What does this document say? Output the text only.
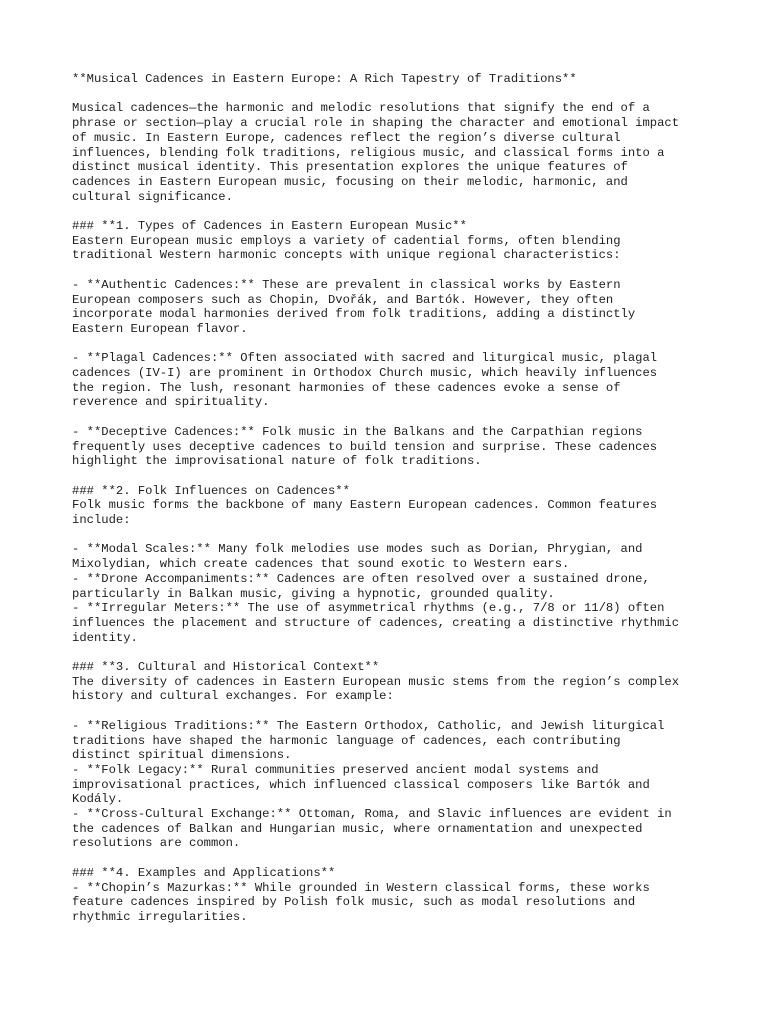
**Musical Cadences in Eastern Europe: A Rich Tapestry of Traditions**
Musical cadences—the harmonic and melodic resolutions that signify the end of a
phrase or section—play a crucial role in shaping the character and emotional impact
of music. In Eastern Europe, cadences reflect the region’s diverse cultural
influences, blending folk traditions, religious music, and classical forms into a
distinct musical identity. This presentation explores the unique features of
cadences in Eastern European music, focusing on their melodic, harmonic, and
cultural significance.
### **1. Types of Cadences in Eastern European Music**
Eastern European music employs a variety of cadential forms, often blending
traditional Western harmonic concepts with unique regional characteristics:
- **Authentic Cadences:** These are prevalent in classical works by Eastern
European composers such as Chopin, Dvořák, and Bartók. However, they often
incorporate modal harmonies derived from folk traditions, adding a distinctly
Eastern European flavor.
- **Plagal Cadences:** Often associated with sacred and liturgical music, plagal
cadences (IV-I) are prominent in Orthodox Church music, which heavily influences
the region. The lush, resonant harmonies of these cadences evoke a sense of
reverence and spirituality.
- **Deceptive Cadences:** Folk music in the Balkans and the Carpathian regions
frequently uses deceptive cadences to build tension and surprise. These cadences
highlight the improvisational nature of folk traditions.
### **2. Folk Influences on Cadences**
Folk music forms the backbone of many Eastern European cadences. Common features
include:
- **Modal Scales:** Many folk melodies use modes such as Dorian, Phrygian, and
Mixolydian, which create cadences that sound exotic to Western ears.
- **Drone Accompaniments:** Cadences are often resolved over a sustained drone,
particularly in Balkan music, giving a hypnotic, grounded quality.
- **Irregular Meters:** The use of asymmetrical rhythms (e.g., 7/8 or 11/8) often
influences the placement and structure of cadences, creating a distinctive rhythmic
identity.
### **3. Cultural and Historical Context**
The diversity of cadences in Eastern European music stems from the region’s complex
history and cultural exchanges. For example:
- **Religious Traditions:** The Eastern Orthodox, Catholic, and Jewish liturgical
traditions have shaped the harmonic language of cadences, each contributing
distinct spiritual dimensions.
- **Folk Legacy:** Rural communities preserved ancient modal systems and
improvisational practices, which influenced classical composers like Bartók and
Kodály.
- **Cross-Cultural Exchange:** Ottoman, Roma, and Slavic influences are evident in
the cadences of Balkan and Hungarian music, where ornamentation and unexpected
resolutions are common.
### **4. Examples and Applications**
- **Chopin’s Mazurkas:** While grounded in Western classical forms, these works
feature cadences inspired by Polish folk music, such as modal resolutions and
rhythmic irregularities.
